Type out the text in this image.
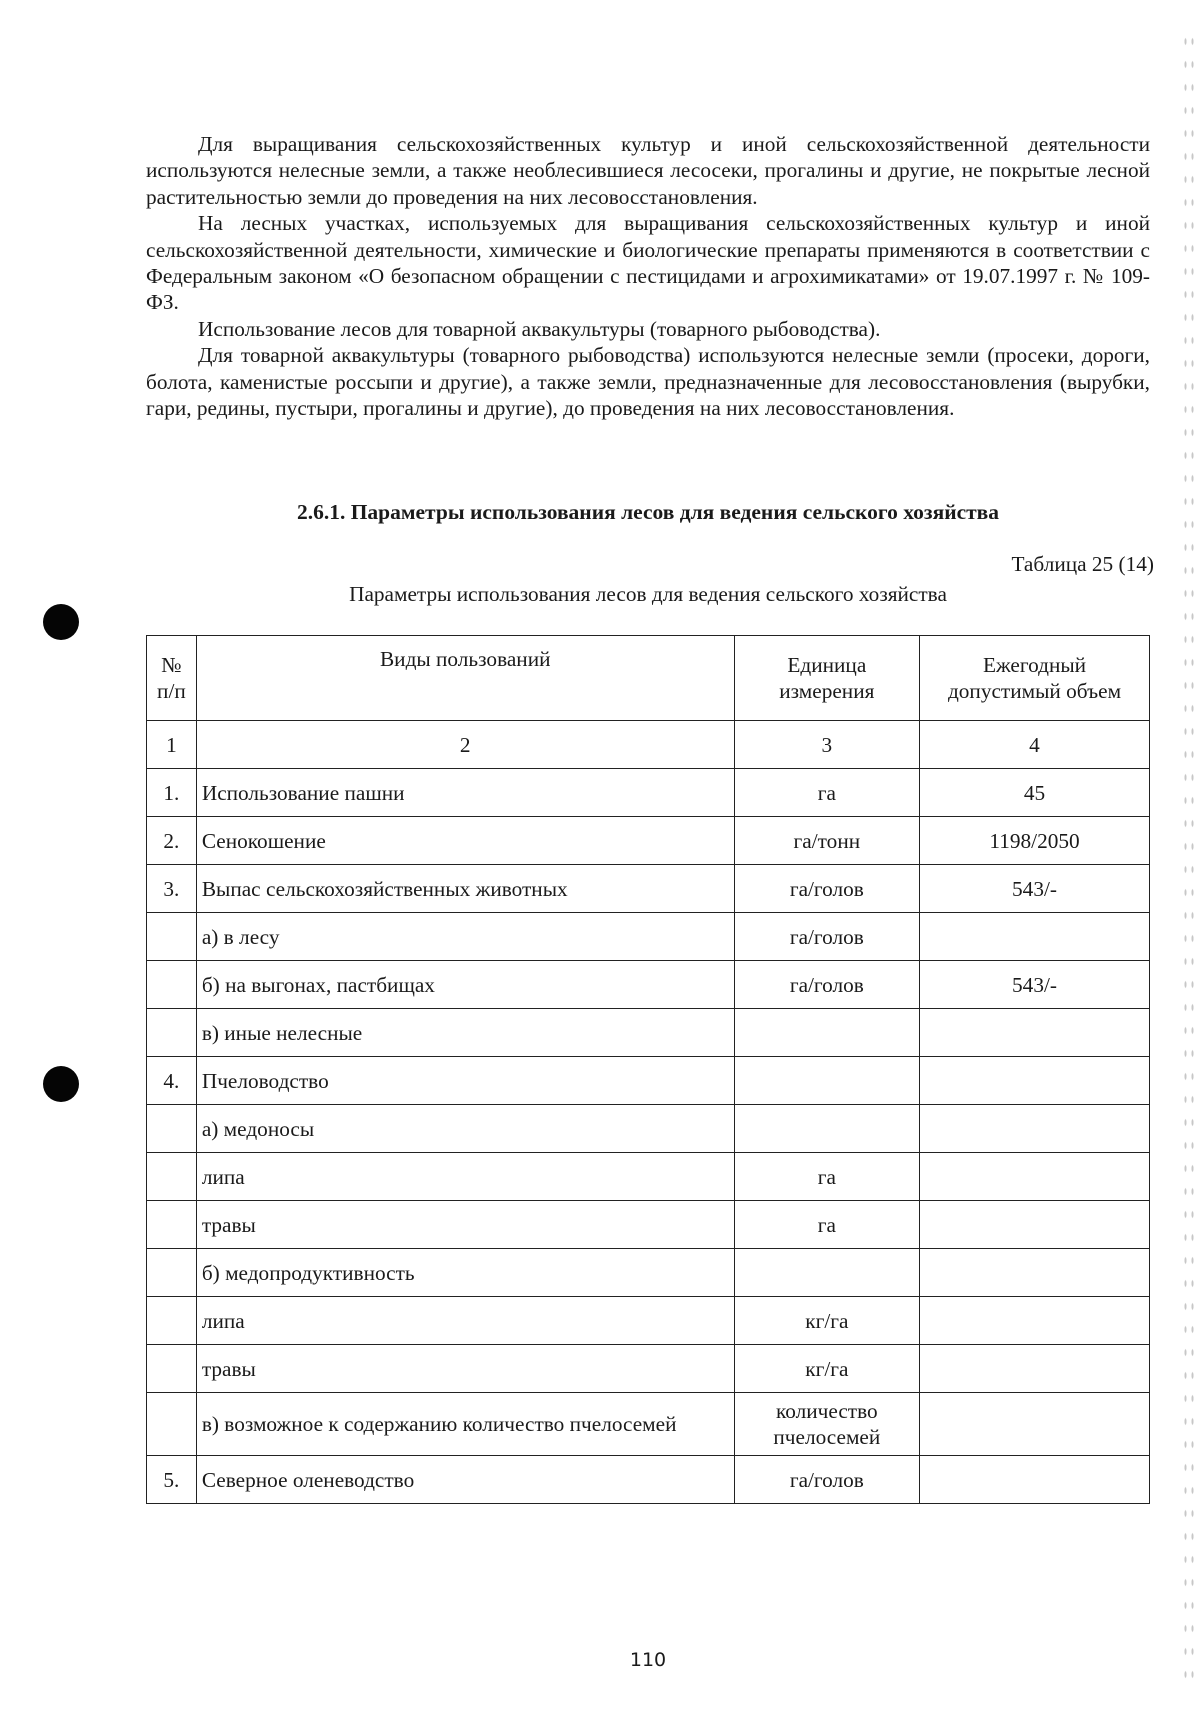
Для выращивания сельскохозяйственных культур и иной сельскохозяйственной деятельности используются нелесные земли, а также необлесившиеся лесосеки, прогалины и другие, не покрытые лесной растительностью земли до проведения на них лесовосстановления.

На лесных участках, используемых для выращивания сельскохозяйственных культур и иной сельскохозяйственной деятельности, химические и биологические препараты применяются в соответствии с Федеральным законом «О безопасном обращении с пестицидами и агрохимикатами» от 19.07.1997 г. № 109-ФЗ.

Использование лесов для товарной аквакультуры (товарного рыбоводства).

Для товарной аквакультуры (товарного рыбоводства) используются нелесные земли (просеки, дороги, болота, каменистые россыпи и другие), а также земли, предназначенные для лесовосстановления (вырубки, гари, редины, пустыри, прогалины и другие), до проведения на них лесовосстановления.

2.6.1. Параметры использования лесов для ведения сельского хозяйства
Таблица 25 (14)
Параметры использования лесов для ведения сельского хозяйства
№ п/п	Виды пользований	Единица измерения	Ежегодный допустимый объем
1	2	3	4
1.	Использование пашни	га	45
2.	Сенокошение	га/тонн	1198/2050
3.	Выпас сельскохозяйственных животных	га/голов	543/-
	а) в лесу	га/голов	
	б) на выгонах, пастбищах	га/голов	543/-
	в) иные нелесные		
4.	Пчеловодство		
	а) медоносы		
	липа	га	
	травы	га	
	б) медопродуктивность		
	липа	кг/га	
	травы	кг/га	
	в) возможное к содержанию количество пчелосемей	количество пчелосемей	
5.	Северное оленеводство	га/голов	
110
